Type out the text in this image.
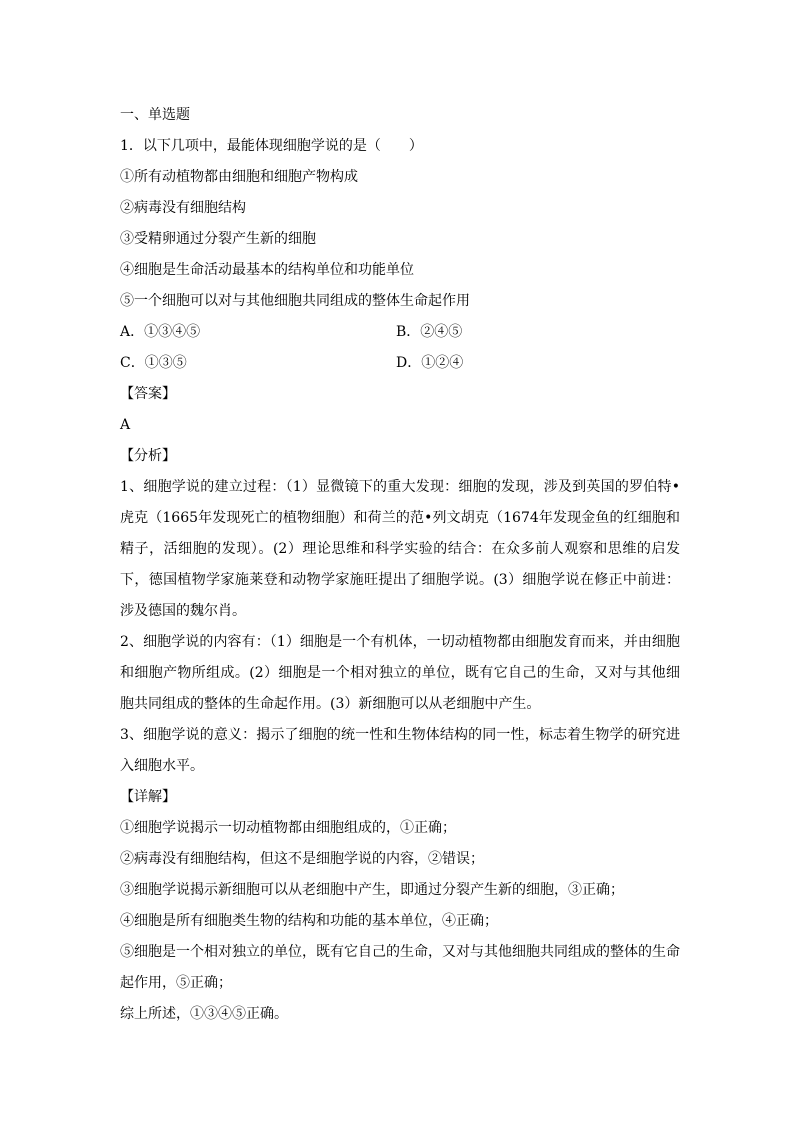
一、单选题
1．以下几项中，最能体现细胞学说的是（　　）
①所有动植物都由细胞和细胞产物构成
②病毒没有细胞结构
③受精卵通过分裂产生新的细胞
④细胞是生命活动最基本的结构单位和功能单位
⑤一个细胞可以对与其他细胞共同组成的整体生命起作用
A．①③④⑤	B．②④⑤
C．①③⑤	D．①②④
【答案】
A
【分析】
1、细胞学说的建立过程：（1）显微镜下的重大发现：细胞的发现，涉及到英国的罗伯特•虎克（1665年发现死亡的植物细胞）和荷兰的范•列文胡克（1674年发现金鱼的红细胞和精子，活细胞的发现）。(2）理论思维和科学实验的结合：在众多前人观察和思维的启发下，德国植物学家施莱登和动物学家施旺提出了细胞学说。(3）细胞学说在修正中前进：涉及德国的魏尔肖。
2、细胞学说的内容有：（1）细胞是一个有机体，一切动植物都由细胞发育而来，并由细胞和细胞产物所组成。(2）细胞是一个相对独立的单位，既有它自己的生命，又对与其他细胞共同组成的整体的生命起作用。(3）新细胞可以从老细胞中产生。
3、细胞学说的意义：揭示了细胞的统一性和生物体结构的同一性，标志着生物学的研究进入细胞水平。
【详解】
①细胞学说揭示一切动植物都由细胞组成的，①正确；
②病毒没有细胞结构，但这不是细胞学说的内容，②错误；
③细胞学说揭示新细胞可以从老细胞中产生，即通过分裂产生新的细胞，③正确；
④细胞是所有细胞类生物的结构和功能的基本单位，④正确；
⑤细胞是一个相对独立的单位，既有它自己的生命，又对与其他细胞共同组成的整体的生命起作用，⑤正确；
综上所述，①③④⑤正确。
